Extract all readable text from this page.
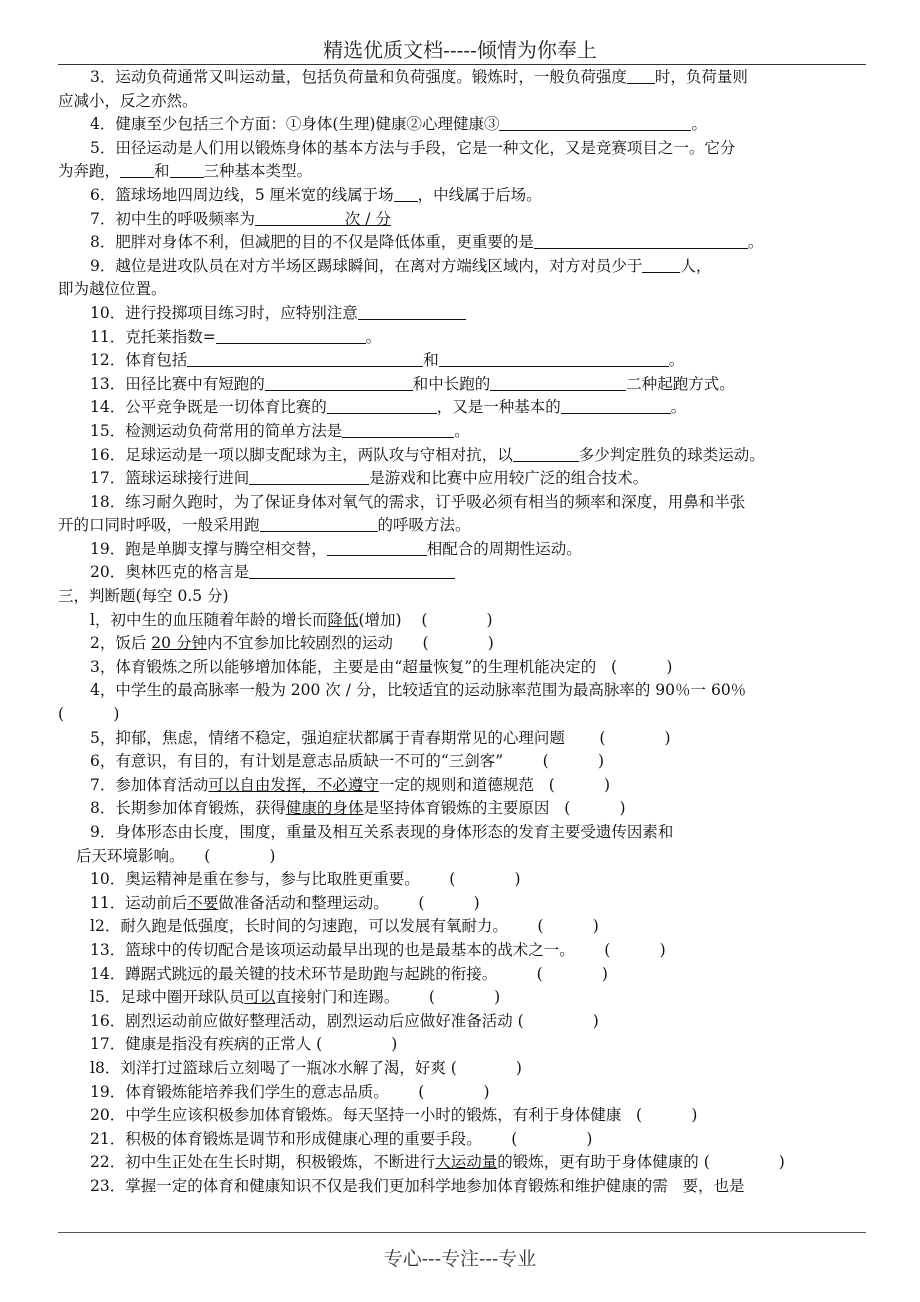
精选优质文档-----倾情为你奉上
3．运动负荷通常又叫运动量，包括负荷量和负荷强度。锻炼时，一般负荷强度 时，负荷量则
应减小，反之亦然。
4．健康至少包括三个方面：①身体(生理)健康②心理健康③	。
5．田径运动是人们用以锻炼身体的基本方法与手段，它是一种文化，又是竞赛项目之一。它分
为奔跑， 和 三种基本类型。
6．篮球场地四周边线，5 厘米宽的线属于场 ，中线属于后场。
7．初中生的呼吸频率为	次 / 分
8．肥胖对身体不利，但减肥的目的不仅是降低体重，更重要的是	。
9．越位是进攻队员在对方半场区踢球瞬间，在离对方端线区域内，对方对员少于 人，
即为越位位置。
10．进行投掷项目练习时，应特别注意
11．克托莱指数=	。
12．体育包括	和	。
13．田径比赛中有短跑的	和中长跑的	二种起跑方式。
14．公平竞争既是一切体育比赛的	，又是一种基本的	。
15．检测运动负荷常用的简单方法是	。
16．足球运动是一项以脚支配球为主，两队攻与守相对抗，以	多少判定胜负的球类运动。
17．篮球运球接行进间	是游戏和比赛中应用较广泛的组合技术。
18．练习耐久跑时，为了保证身体对氧气的需求，订乎吸必须有相当的频率和深度，用鼻和半张
开的口同时呼吸，一般采用跑	的呼吸方法。
19．跑是单脚支撑与腾空相交替，	相配合的周期性运动。
20．奥林匹克的格言是
三，判断题(每空 0.5 分)
l，初中生的血压随着年龄的增长而降低(增加) (            )
2，饭后 20 分钟内不宜参加比较剧烈的运动 (            )
3，体育锻炼之所以能够增加体能，主要是由“超量恢复”的生理机能决定的 (          )
4，中学生的最高脉率一般为 200 次 / 分，比较适宜的运动脉率范围为最高脉率的 90％一 60％
(          )
5，抑郁，焦虑，情绪不稳定，强迫症状都属于青春期常见的心理问题 (            )
6，有意识，有目的，有计划是意志品质缺一不可的“三剑客”	(          )
7．参加体育活动可以自由发挥，不必遵守一定的规则和道德规范 (          )
8．长期参加体育锻炼，获得健康的身体是坚持体育锻炼的主要原因 (          )
9．身体形态由长度，围度，重量及相互关系表现的身体形态的发育主要受遗传因素和
后天环境影响。 (            )
10．奥运精神是重在参与，参与比取胜更重要。 (            )
11．运动前后不要做准备活动和整理运动。 (          )
l2．耐久跑是低强度，长时间的匀速跑，可以发展有氧耐力。 (          )
13．篮球中的传切配合是该项运动最早出现的也是最基本的战术之一。 (          )
14．蹲踞式跳远的最关键的技术环节是助跑与起跳的衔接。	(            )
l5．足球中圈开球队员可以直接射门和连踢。 (            )
16．剧烈运动前应做好整理活动，剧烈运动后应做好准备活动 (              )
17．健康是指没有疾病的正常人 (              )
l8．刘洋打过篮球后立刻喝了一瓶冰水解了渴，好爽 (            )
19．体育锻炼能培养我们学生的意志品质。 (            )
20．中学生应该积极参加体育锻炼。每天坚持一小时的锻炼，有利于身体健康 (          )
21．积极的体育锻炼是调节和形成健康心理的重要手段。 (              )
22．初中生正处在生长时期，积极锻炼，不断进行大运动量的锻炼，更有助于身体健康的 (              )
23．掌握一定的体育和健康知识不仅是我们更加科学地参加体育锻炼和维护健康的需   要，也是
专心---专注---专业
